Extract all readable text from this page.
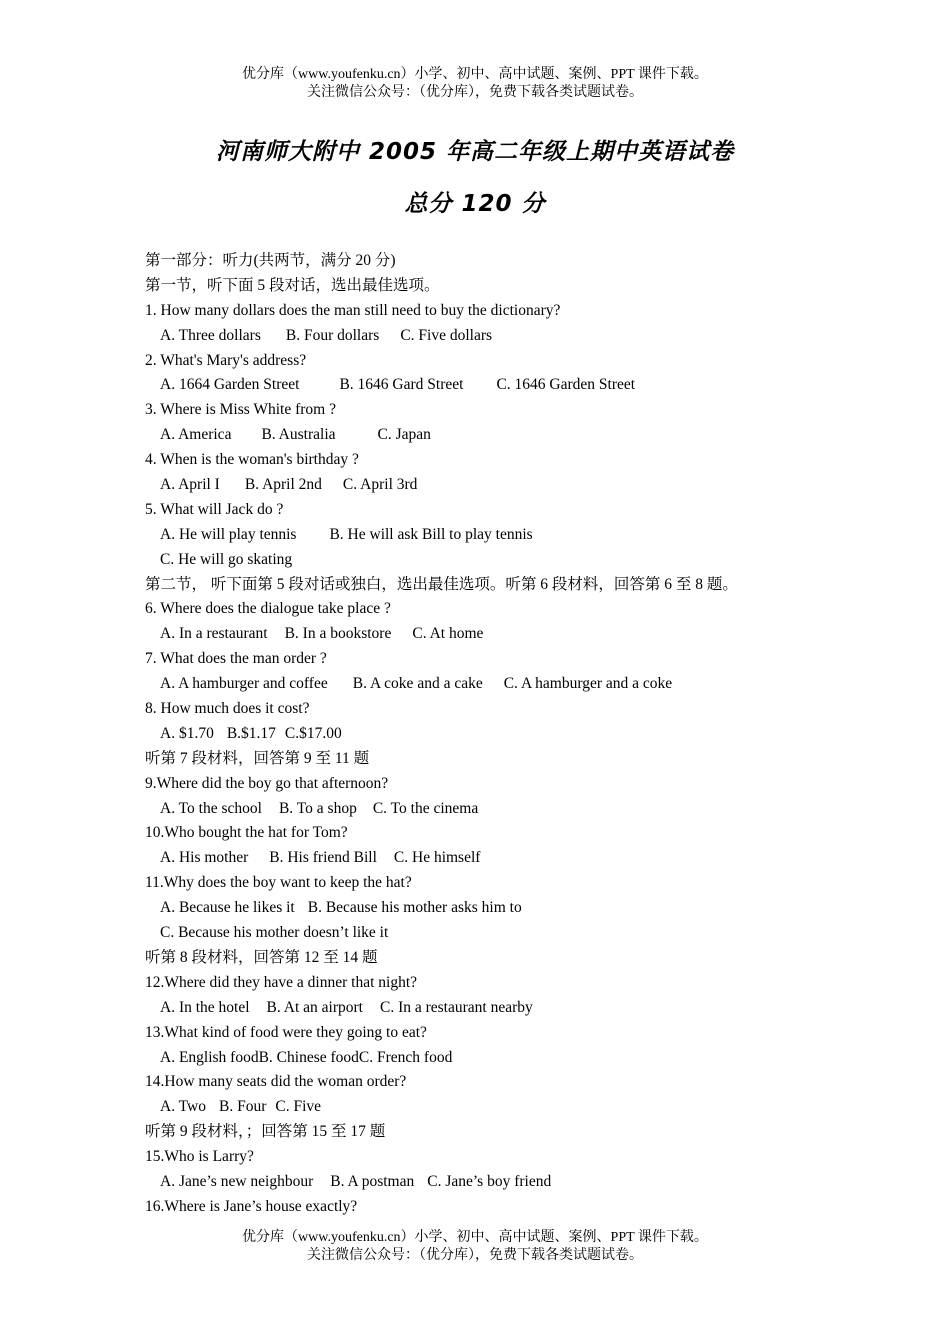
优分库（www.youfenku.cn）小学、初中、高中试题、案例、PPT 课件下载。
关注微信公众号：（优分库），免费下载各类试题试卷。
河南师大附中 2005 年高二年级上期中英语试卷
总分 120 分
第一部分：听力(共两节，满分 20 分)
第一节，听下面 5 段对话，选出最佳选项。
1. How many dollars does the man still need to buy the dictionary?
A. Three dollars B. Four dollars C. Five dollars
2. What's Mary's address?
A. 1664 Garden Street	B. 1646 Gard Street C. 1646 Garden Street
3. Where is Miss White from ?
A. America B. Australia	C. Japan
4. When is the woman's birthday ?
A. April I B. April 2nd C. April 3rd
5. What will Jack do ?
A. He will play tennis B. He will ask Bill to play tennis
C. He will go skating
第二节， 听下面第 5 段对话或独白，选出最佳选项。听第 6 段材料，回答第 6 至 8 题。
6. Where does the dialogue take place ?
A. In a restaurant B. In a bookstore C. At home
7. What does the man order ?
A. A hamburger and coffee B. A coke and a cake C. A hamburger and a coke
8. How much does it cost?
A. $1.70 B.$1.17 C.$17.00
听第 7 段材料，回答第 9 至 11 题
9.Where did the boy go that afternoon?
A. To the school B. To a shop C. To the cinema
10.Who bought the hat for Tom?
A. His mother B. His friend Bill C. He himself
11.Why does the boy want to keep the hat?
A. Because he likes it B. Because his mother asks him to
C. Because his mother doesn’t like it
听第 8 段材料，回答第 12 至 14 题
12.Where did they have a dinner that night?
A. In the hotel B. At an airport C. In a restaurant nearby
13.What kind of food were they going to eat?
A. English foodB. Chinese foodC. French food
14.How many seats did the woman order?
A. Two B. Four C. Five
听第 9 段材料，；回答第 15 至 17 题
15.Who is Larry?
A. Jane’s new neighbour B. A postman C. Jane’s boy friend
16.Where is Jane’s house exactly?
优分库（www.youfenku.cn）小学、初中、高中试题、案例、PPT 课件下载。
关注微信公众号：（优分库），免费下载各类试题试卷。
